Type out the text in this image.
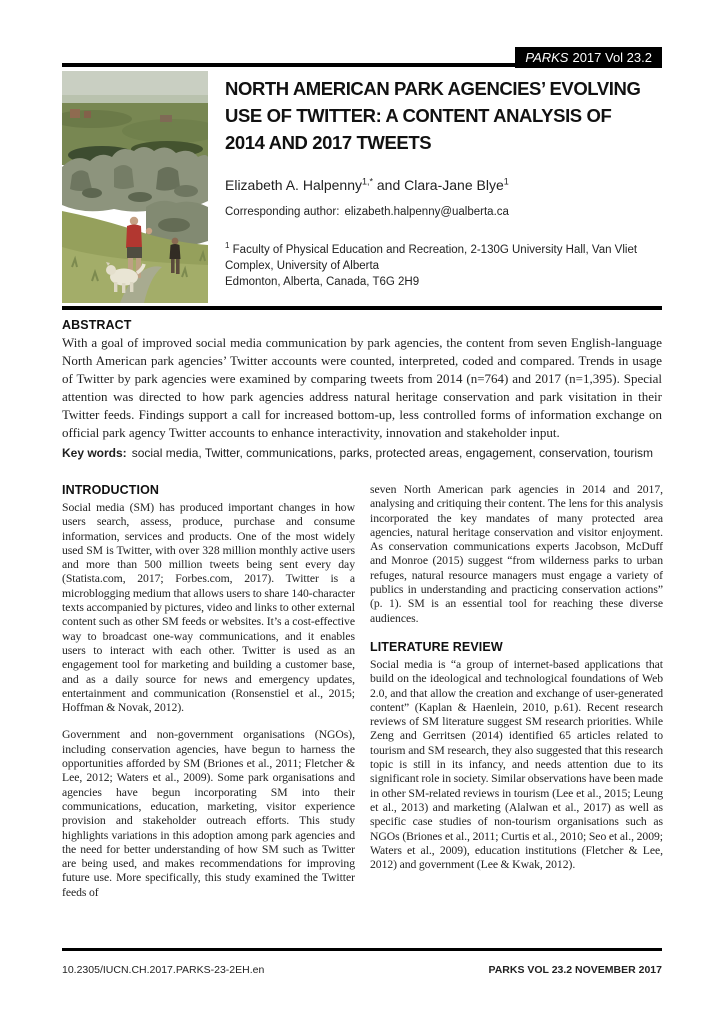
PARKS 2017 Vol 23.2
NORTH AMERICAN PARK AGENCIES’ EVOLVING USE OF TWITTER: A CONTENT ANALYSIS OF 2014 AND 2017 TWEETS
Elizabeth A. Halpenny$^{1,*}$ and Clara-Jane Blye$^1$
Corresponding author: elizabeth.halpenny@ualberta.ca
$^1$ Faculty of Physical Education and Recreation, 2-130G University Hall, Van Vliet
Complex, University of Alberta
Edmonton, Alberta, Canada, T6G 2H9
ABSTRACT

With a goal of improved social media communication by park agencies, the content from seven English-language North American park agencies’ Twitter accounts were counted, interpreted, coded and compared. Trends in usage of Twitter by park agencies were examined by comparing tweets from 2014 (n=764) and 2017 (n=1,395). Special attention was directed to how park agencies address natural heritage conservation and park visitation in their Twitter feeds. Findings support a call for increased bottom-up, less controlled forms of information exchange on official park agency Twitter accounts to enhance interactivity, innovation and stakeholder input.

Key words: social media, Twitter, communications, parks, protected areas, engagement, conservation, tourism

INTRODUCTION

Social media (SM) has produced important changes in how users search, assess, produce, purchase and consume information, services and products. One of the most widely used SM is Twitter, with over 328 million monthly active users and more than 500 million tweets being sent every day (Statista.com, 2017; Forbes.com, 2017). Twitter is a microblogging medium that allows users to share 140-character texts accompanied by pictures, video and links to other external content such as other SM feeds or websites. It’s a cost-effective way to broadcast one-way communications, and it enables users to interact with each other. Twitter is used as an engagement tool for marketing and building a customer base, and as a daily source for news and emergency updates, entertainment and communication (Ronsenstiel et al., 2015; Hoffman & Novak, 2012).

Government and non-government organisations (NGOs), including conservation agencies, have begun to harness the opportunities afforded by SM (Briones et al., 2011; Fletcher & Lee, 2012; Waters et al., 2009). Some park organisations and agencies have begun incorporating SM into their communications, education, marketing, visitor experience provision and stakeholder outreach efforts. This study highlights variations in this adoption among park agencies and the need for better understanding of how SM such as Twitter are being used, and makes recommendations for improving future use. More specifically, this study examined the Twitter feeds of

seven North American park agencies in 2014 and 2017, analysing and critiquing their content. The lens for this analysis incorporated the key mandates of many protected area agencies, natural heritage conservation and visitor enjoyment. As conservation communications experts Jacobson, McDuff and Monroe (2015) suggest “from wilderness parks to urban refuges, natural resource managers must engage a variety of publics in understanding and practicing conservation actions” (p. 1). SM is an essential tool for reaching these diverse audiences.

LITERATURE REVIEW

Social media is “a group of internet-based applications that build on the ideological and technological foundations of Web 2.0, and that allow the creation and exchange of user-generated content” (Kaplan & Haenlein, 2010, p.61). Recent research reviews of SM literature suggest SM research priorities. While Zeng and Gerritsen (2014) identified 65 articles related to tourism and SM research, they also suggested that this research topic is still in its infancy, and needs attention due to its significant role in society. Similar observations have been made in other SM-related reviews in tourism (Lee et al., 2015; Leung et al., 2013) and marketing (Alalwan et al., 2017) as well as specific case studies of non-tourism organisations such as NGOs (Briones et al., 2011; Curtis et al., 2010; Seo et al., 2009; Waters et al., 2009), education institutions (Fletcher & Lee, 2012) and government (Lee & Kwak, 2012).

10.2305/IUCN.CH.2017.PARKS-23-2EH.en	PARKS VOL 23.2 NOVEMBER 2017
